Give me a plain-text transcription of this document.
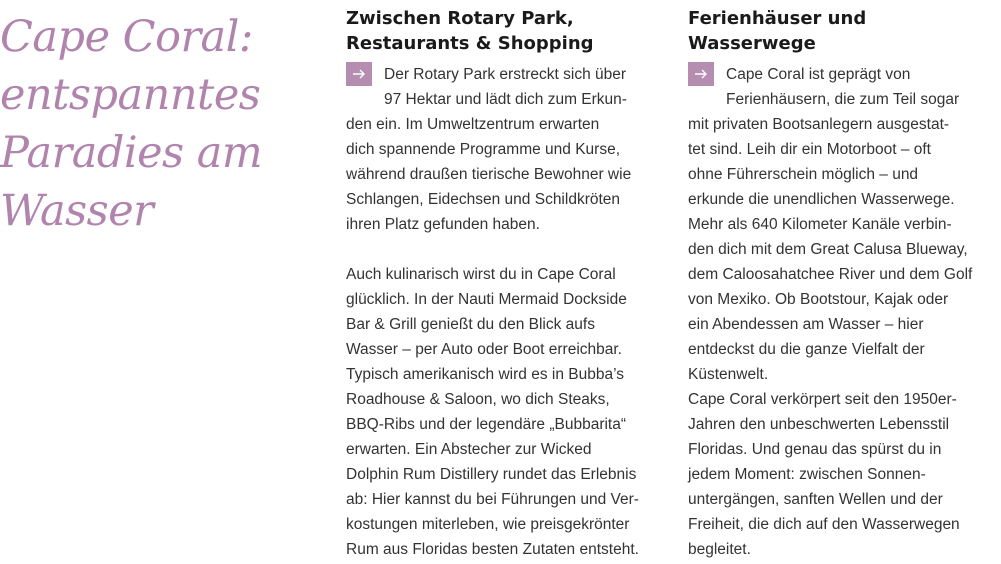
Cape Coral:
entspanntes
Paradies am
Wasser
Zwischen Rotary Park,
Restaurants & Shopping

Der Rotary Park erstreckt sich über
97 Hektar und lädt dich zum Erkun-
den ein. Im Umweltzentrum erwarten
dich spannende Programme und Kurse,
während draußen tierische Bewohner wie
Schlangen, Eidechsen und Schildkröten
ihren Platz gefunden haben.

Auch kulinarisch wirst du in Cape Coral
glücklich. In der Nauti Mermaid Dockside
Bar & Grill genießt du den Blick aufs
Wasser – per Auto oder Boot erreichbar.
Typisch amerikanisch wird es in Bubba’s
Roadhouse & Saloon, wo dich Steaks,
BBQ-Ribs und der legendäre „Bubbarita“
erwarten. Ein Abstecher zur Wicked
Dolphin Rum Distillery rundet das Erlebnis
ab: Hier kannst du bei Führungen und Ver-
kostungen miterleben, wie preisgekrönter
Rum aus Floridas besten Zutaten entsteht.

Ferienhäuser und
Wasserwege

Cape Coral ist geprägt von
Ferienhäusern, die zum Teil sogar
mit privaten Bootsanlegern ausgestat-
tet sind. Leih dir ein Motorboot – oft
ohne Führerschein möglich – und
erkunde die unendlichen Wasserwege.
Mehr als 640 Kilometer Kanäle verbin-
den dich mit dem Great Calusa Blueway,
dem Caloosahatchee River und dem Golf
von Mexiko. Ob Bootstour, Kajak oder
ein Abendessen am Wasser – hier
entdeckst du die ganze Vielfalt der
Küstenwelt.

Cape Coral verkörpert seit den 1950er-
Jahren den unbeschwerten Lebensstil
Floridas. Und genau das spürst du in
jedem Moment: zwischen Sonnen-
untergängen, sanften Wellen und der
Freiheit, die dich auf den Wasserwegen
begleitet.
